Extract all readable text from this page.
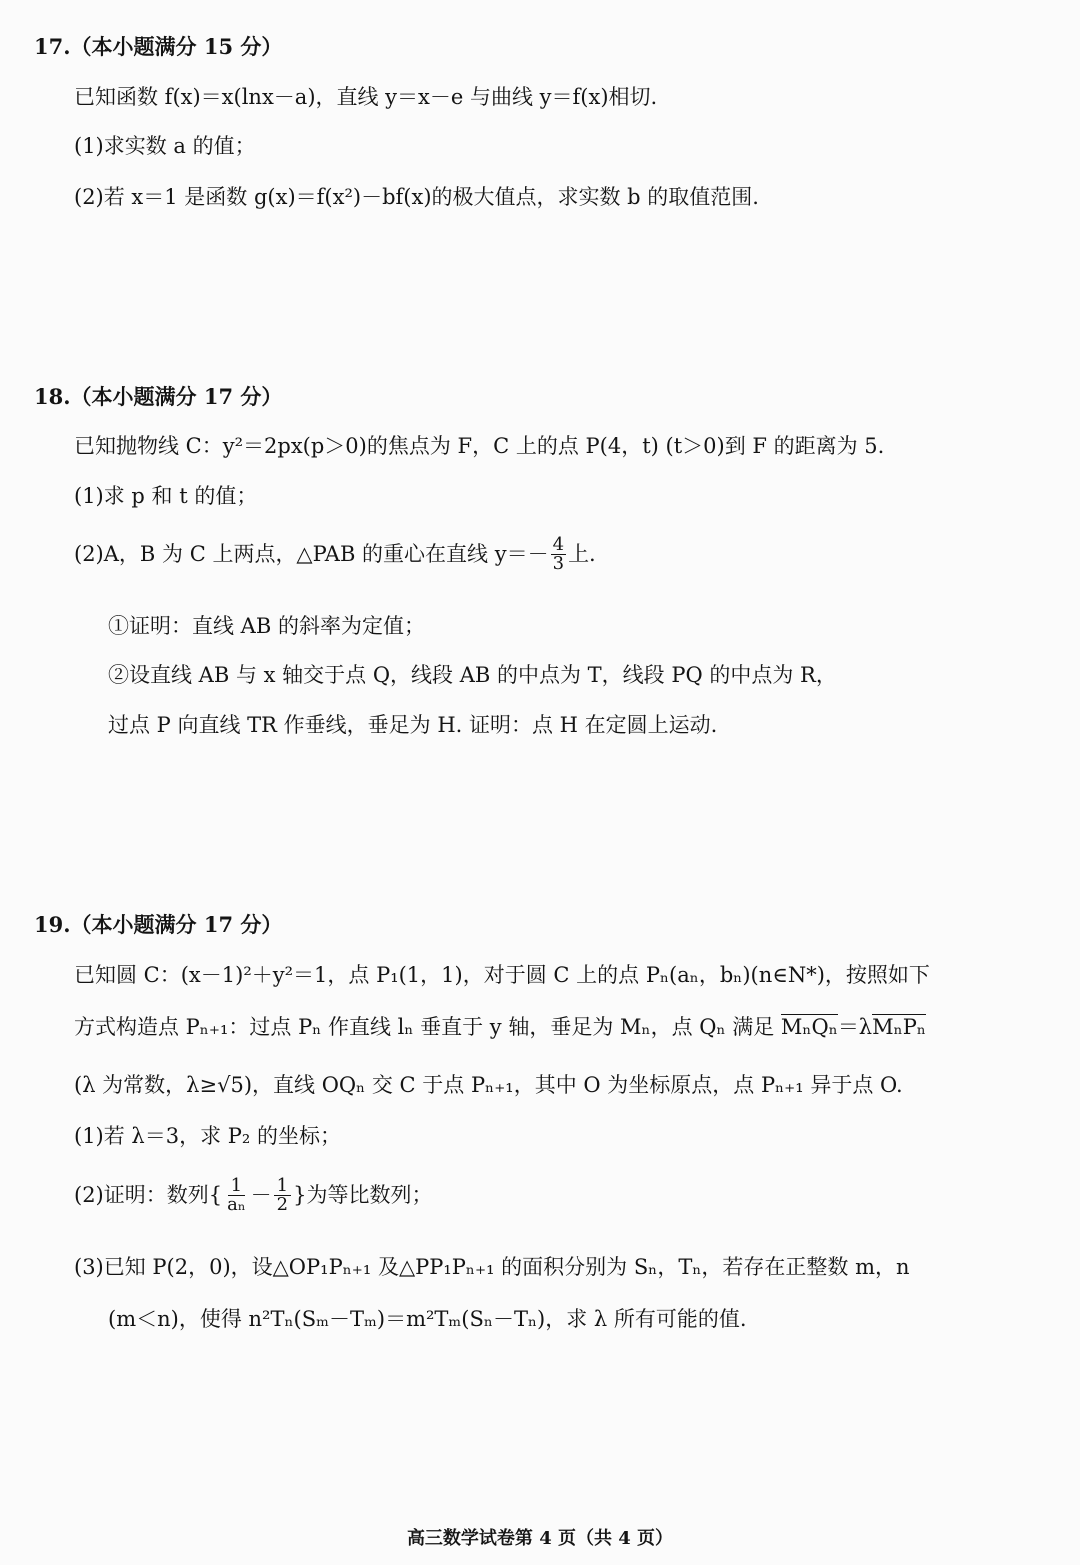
17.（本小题满分 15 分）
已知函数 f(x)＝x(lnx－a)，直线 y＝x－e 与曲线 y＝f(x)相切.
(1)求实数 a 的值；
(2)若 x＝1 是函数 g(x)＝f(x²)－bf(x)的极大值点，求实数 b 的取值范围.
18.（本小题满分 17 分）
已知抛物线 C：y²＝2px(p＞0)的焦点为 F，C 上的点 P(4，t) (t＞0)到 F 的距离为 5.
(1)求 p 和 t 的值；
(2)A，B 为 C 上两点，△PAB 的重心在直线 $y=- \frac{4}{3}$ 上.
①证明：直线 AB 的斜率为定值；
②设直线 AB 与 x 轴交于点 Q，线段 AB 的中点为 T，线段 PQ 的中点为 R，
过点 P 向直线 TR 作垂线，垂足为 H. 证明：点 H 在定圆上运动.
19.（本小题满分 17 分）
已知圆 C：(x－1)²＋y²＝1，点 P₁(1，1)，对于圆 C 上的点 Pₙ(aₙ，bₙ)(n∈N*)，按照如下
方式构造点 Pₙ₊₁：过点 Pₙ 作直线 lₙ 垂直于 y 轴，垂足为 Mₙ，点 Qₙ 满足 MₙQₙ＝λMₙPₙ
(λ 为常数，λ≥√5)，直线 OQₙ 交 C 于点 Pₙ₊₁，其中 O 为坐标原点，点 Pₙ₊₁ 异于点 O.
(1)若 λ＝3，求 P₂ 的坐标；
(2)证明：数列{ $\frac{1}{\text{aₙ}} - \frac{1}{2}$ }为等比数列；
(3)已知 P(2，0)，设△OP₁Pₙ₊₁ 及△PP₁Pₙ₊₁ 的面积分别为 Sₙ，Tₙ，若存在正整数 m，n
(m＜n)，使得 n²Tₙ(Sₘ－Tₘ)＝m²Tₘ(Sₙ－Tₙ)，求 λ 所有可能的值.
高三数学试卷第 4 页（共 4 页）
